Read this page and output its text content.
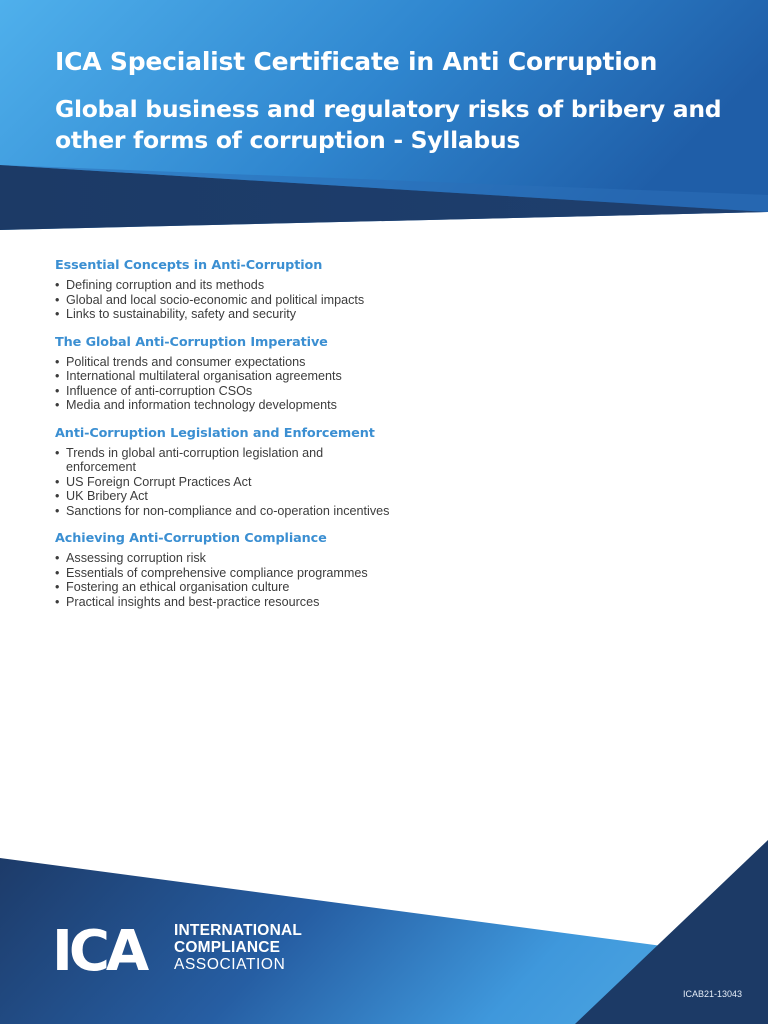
ICA Specialist Certificate in Anti Corruption
Global business and regulatory risks of bribery and other forms of corruption - Syllabus
Essential Concepts in Anti-Corruption
• Defining corruption and its methods
• Global and local socio-economic and political impacts
• Links to sustainability, safety and security
The Global Anti-Corruption Imperative
• Political trends and consumer expectations
• International multilateral organisation agreements
• Influence of anti-corruption CSOs
• Media and information technology developments
Anti-Corruption Legislation and Enforcement
• Trends in global anti-corruption legislation and enforcement
• US Foreign Corrupt Practices Act
• UK Bribery Act
• Sanctions for non-compliance and co-operation incentives
Achieving Anti-Corruption Compliance
• Assessing corruption risk
• Essentials of comprehensive compliance programmes
• Fostering an ethical organisation culture
• Practical insights and best-practice resources
ICA	INTERNATIONAL
COMPLIANCE
ASSOCIATION
ICAB21-13043
